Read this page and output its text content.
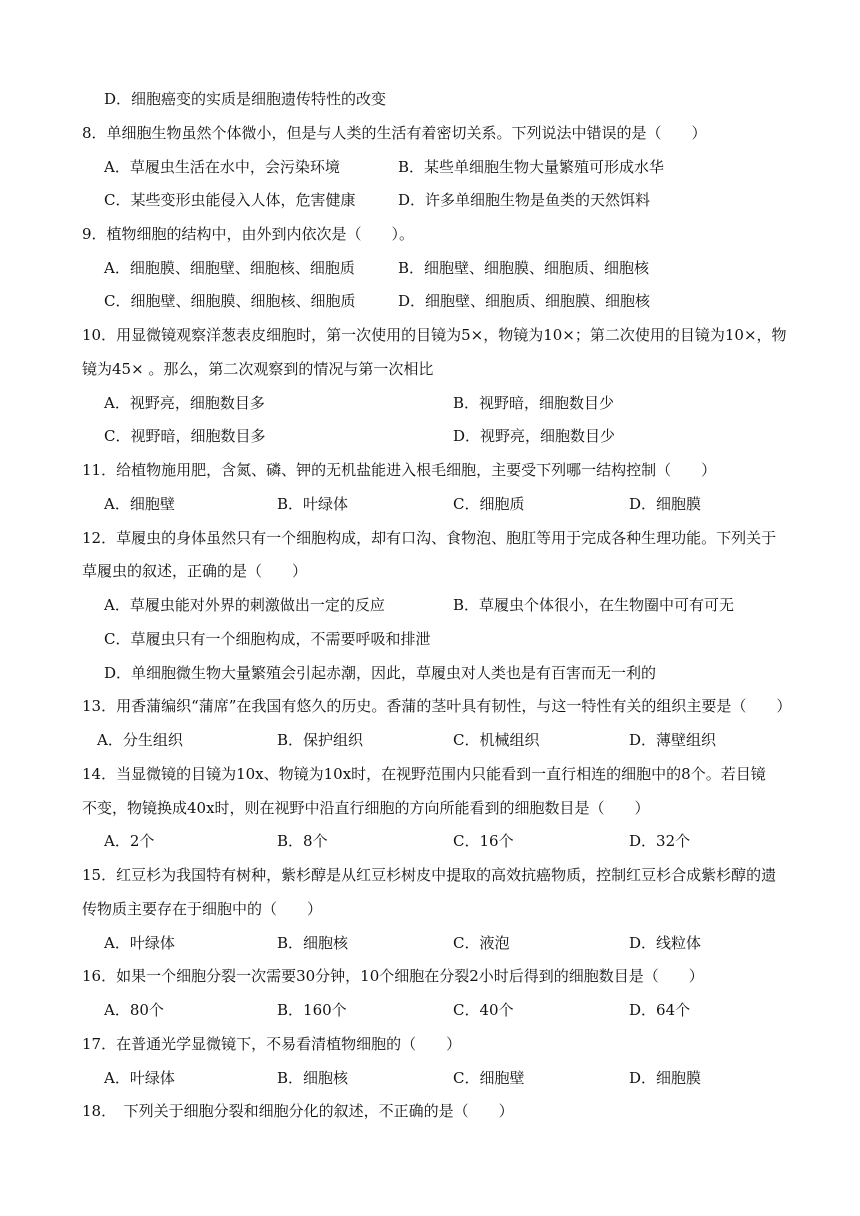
D．细胞癌变的实质是细胞遗传特性的改变
8．单细胞生物虽然个体微小，但是与人类的生活有着密切关系。下列说法中错误的是（　　）
A．草履虫生活在水中，会污染环境	B．某些单细胞生物大量繁殖可形成水华
C．某些变形虫能侵入人体，危害健康	D．许多单细胞生物是鱼类的天然饵料
9．植物细胞的结构中，由外到内依次是（　　）。
A．细胞膜、细胞壁、细胞核、细胞质	B．细胞壁、细胞膜、细胞质、细胞核
C．细胞壁、细胞膜、细胞核、细胞质	D．细胞壁、细胞质、细胞膜、细胞核
10．用显微镜观察洋葱表皮细胞时，第一次使用的目镜为5×，物镜为10×；第二次使用的目镜为10×，物
镜为45× 。那么，第二次观察到的情况与第一次相比
A．视野亮，细胞数目多	B．视野暗，细胞数目少
C．视野暗，细胞数目多	D．视野亮，细胞数目少
11．给植物施用肥，含氮、磷、钾的无机盐能进入根毛细胞，主要受下列哪一结构控制（　　）
A．细胞壁	B．叶绿体	C．细胞质	D．细胞膜
12．草履虫的身体虽然只有一个细胞构成，却有口沟、食物泡、胞肛等用于完成各种生理功能。下列关于
草履虫的叙述，正确的是（　　）
A．草履虫能对外界的刺激做出一定的反应	B．草履虫个体很小，在生物圈中可有可无
C．草履虫只有一个细胞构成，不需要呼吸和排泄
D．单细胞微生物大量繁殖会引起赤潮，因此，草履虫对人类也是有百害而无一利的
13．用香蒲编织“蒲席”在我国有悠久的历史。香蒲的茎叶具有韧性，与这一特性有关的组织主要是（　　）
A．分生组织	B．保护组织	C．机械组织	D．薄壁组织
14．当显微镜的目镜为10x、物镜为10x时，在视野范围内只能看到一直行相连的细胞中的8个。若目镜
不变，物镜换成40x时，则在视野中沿直行细胞的方向所能看到的细胞数目是（　　）
A．2个	B．8个	C．16个	D．32个
15．红豆杉为我国特有树种，紫杉醇是从红豆杉树皮中提取的高效抗癌物质，控制红豆杉合成紫杉醇的遗
传物质主要存在于细胞中的（　　）
A．叶绿体	B．细胞核	C．液泡	D．线粒体
16．如果一个细胞分裂一次需要30分钟，10个细胞在分裂2小时后得到的细胞数目是（　　）
A．80个	B．160个	C．40个	D．64个
17．在普通光学显微镜下，不易看清植物细胞的（　　）
A．叶绿体	B．细胞核	C．细胞壁	D．细胞膜
18．　下列关于细胞分裂和细胞分化的叙述，不正确的是（　　）
